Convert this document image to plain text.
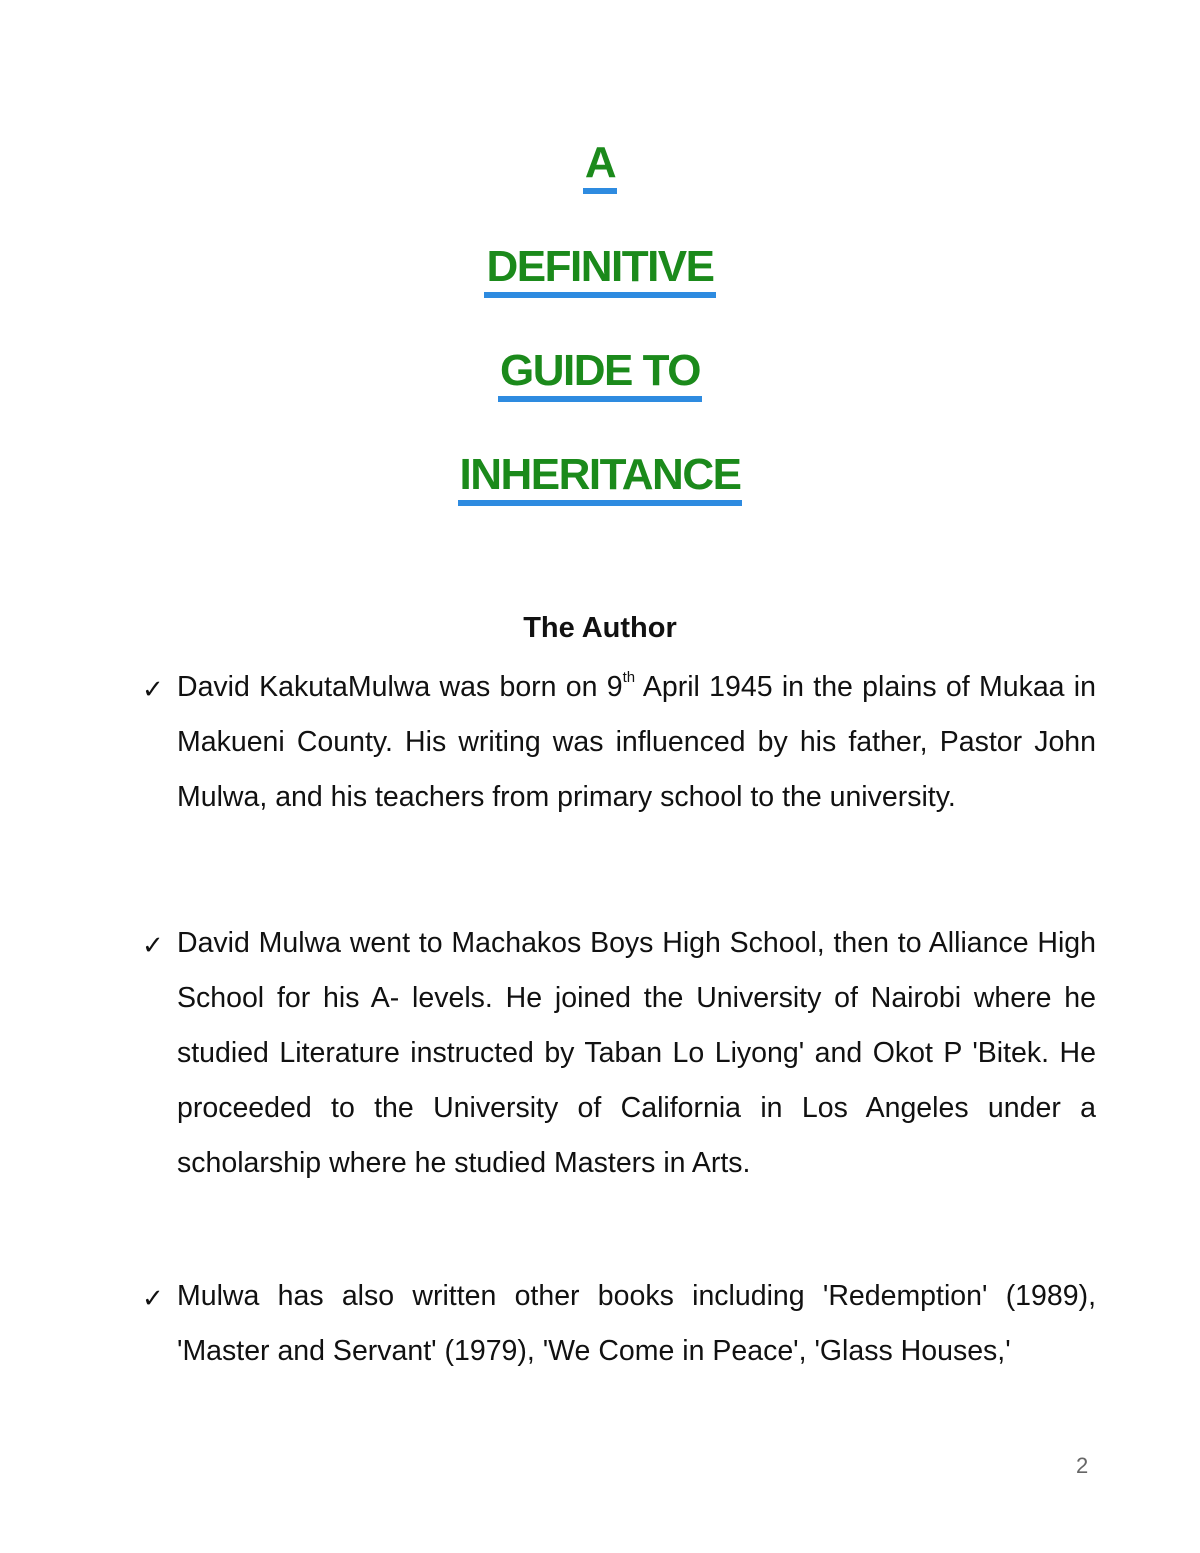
A
DEFINITIVE
GUIDE TO
INHERITANCE
The Author
✓ David KakutaMulwa was born on 9th April 1945 in the plains of Mukaa in Makueni County. His writing was influenced by his father, Pastor John Mulwa, and his teachers from primary school to the university.
✓ David Mulwa went to Machakos Boys High School, then to Alliance High School for his A- levels. He joined the University of Nairobi where he studied Literature instructed by Taban Lo Liyong' and Okot P 'Bitek. He proceeded to the University of California in Los Angeles under a scholarship where he studied Masters in Arts.
✓ Mulwa has also written other books including 'Redemption' (1989), 'Master and Servant' (1979), 'We Come in Peace', 'Glass Houses,'
2
